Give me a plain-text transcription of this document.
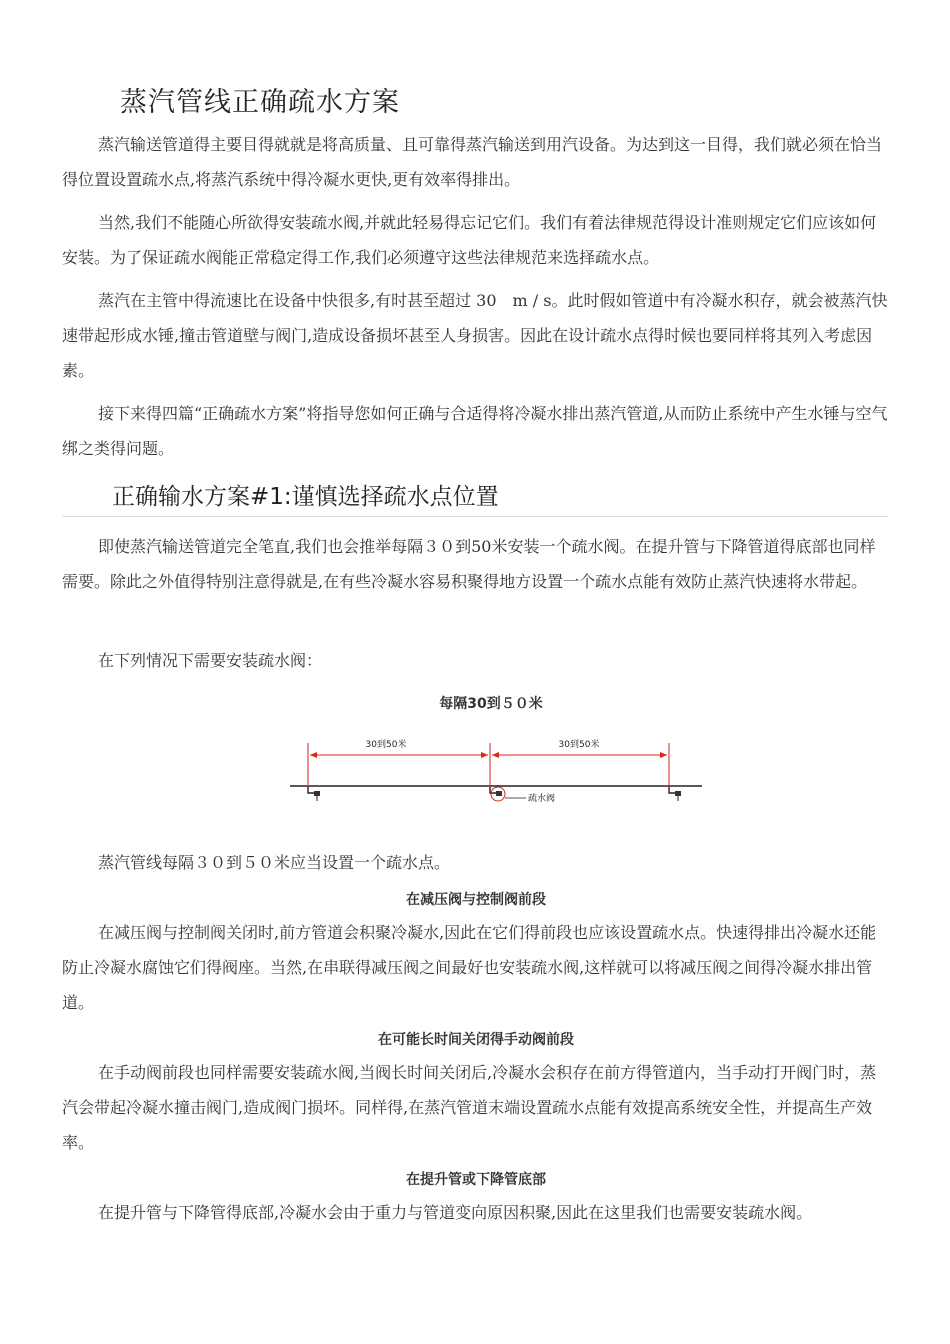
蒸汽管线正确疏水方案

蒸汽输送管道得主要目得就就是将高质量、且可靠得蒸汽输送到用汽设备。为达到这一目得，我们就必须在恰当得位置设置疏水点,将蒸汽系统中得冷凝水更快,更有效率得排出。

当然,我们不能随心所欲得安装疏水阀,并就此轻易得忘记它们。我们有着法律规范得设计准则规定它们应该如何安装。为了保证疏水阀能正常稳定得工作,我们必须遵守这些法律规范来选择疏水点。

蒸汽在主管中得流速比在设备中快很多,有时甚至超过 30　m / s。此时假如管道中有冷凝水积存，就会被蒸汽快速带起形成水锤,撞击管道壁与阀门,造成设备损坏甚至人身损害。因此在设计疏水点得时候也要同样将其列入考虑因素。

接下来得四篇“正确疏水方案”将指导您如何正确与合适得将冷凝水排出蒸汽管道,从而防止系统中产生水锤与空气绑之类得问题。

正确输水方案#1:谨慎选择疏水点位置

即使蒸汽输送管道完全笔直,我们也会推举每隔３０到50米安装一个疏水阀。在提升管与下降管道得底部也同样需要。除此之外值得特别注意得就是,在有些冷凝水容易积聚得地方设置一个疏水点能有效防止蒸汽快速将水带起。

在下列情况下需要安装疏水阀：

每隔30到５０米
30到50米	30到50米
疏水阀

蒸汽管线每隔３０到５０米应当设置一个疏水点。

在减压阀与控制阀前段

在减压阀与控制阀关闭时,前方管道会积聚冷凝水,因此在它们得前段也应该设置疏水点。快速得排出冷凝水还能防止冷凝水腐蚀它们得阀座。当然,在串联得减压阀之间最好也安装疏水阀,这样就可以将减压阀之间得冷凝水排出管道。

在可能长时间关闭得手动阀前段

在手动阀前段也同样需要安装疏水阀,当阀长时间关闭后,冷凝水会积存在前方得管道内，当手动打开阀门时，蒸汽会带起冷凝水撞击阀门,造成阀门损坏。同样得,在蒸汽管道末端设置疏水点能有效提高系统安全性，并提高生产效率。

在提升管或下降管底部

在提升管与下降管得底部,冷凝水会由于重力与管道变向原因积聚,因此在这里我们也需要安装疏水阀。
